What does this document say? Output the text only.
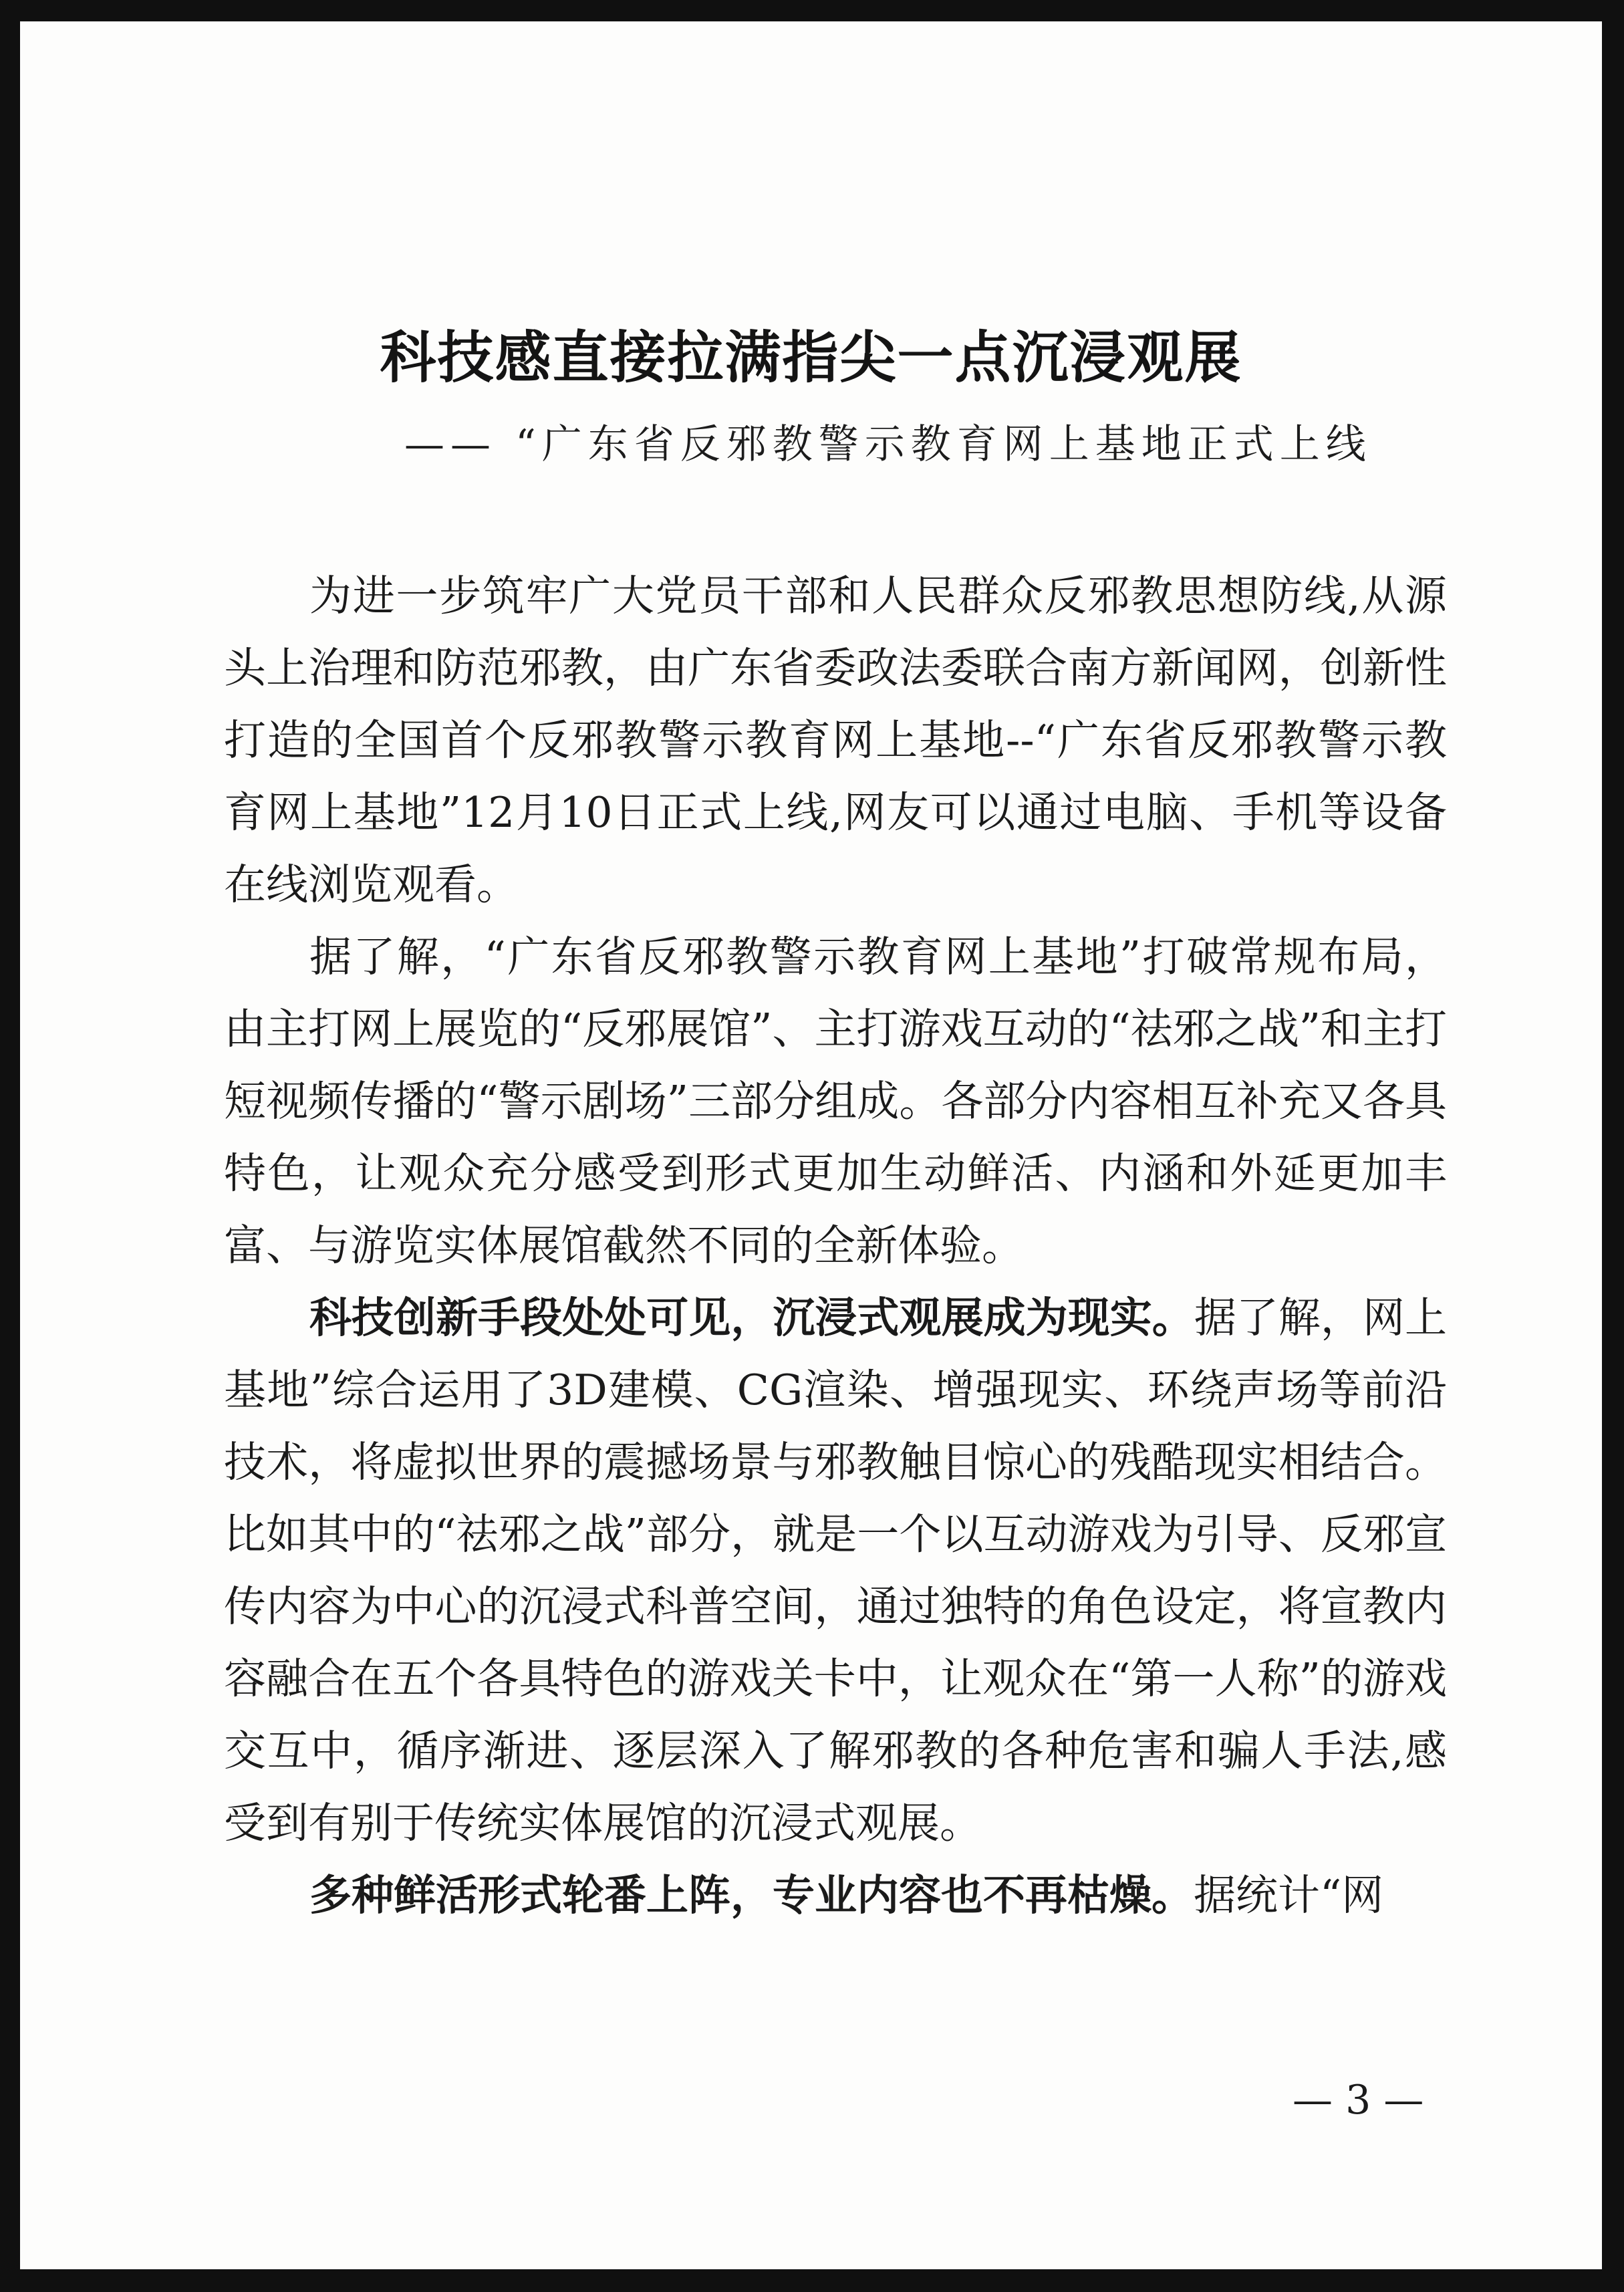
科技感直接拉满指尖一点沉浸观展
—— “广东省反邪教警示教育网上基地正式上线

为进一步筑牢广大党员干部和人民群众反邪教思想防线,从源头上治理和防范邪教，由广东省委政法委联合南方新闻网，创新性打造的全国首个反邪教警示教育网上基地--“广东省反邪教警示教育网上基地”12月10日正式上线,网友可以通过电脑、手机等设备在线浏览观看。

据了解，“广东省反邪教警示教育网上基地”打破常规布局，由主打网上展览的“反邪展馆”、主打游戏互动的“祛邪之战”和主打短视频传播的“警示剧场”三部分组成。各部分内容相互补充又各具特色，让观众充分感受到形式更加生动鲜活、内涵和外延更加丰富、与游览实体展馆截然不同的全新体验。

科技创新手段处处可见，沉浸式观展成为现实。据了解，网上基地”综合运用了3D建模、CG渲染、增强现实、环绕声场等前沿技术，将虚拟世界的震撼场景与邪教触目惊心的残酷现实相结合。比如其中的“祛邪之战”部分，就是一个以互动游戏为引导、反邪宣传内容为中心的沉浸式科普空间，通过独特的角色设定，将宣教内容融合在五个各具特色的游戏关卡中，让观众在“第一人称”的游戏交互中，循序渐进、逐层深入了解邪教的各种危害和骗人手法,感受到有别于传统实体展馆的沉浸式观展。

多种鲜活形式轮番上阵，专业内容也不再枯燥。据统计“网

— 3 —
